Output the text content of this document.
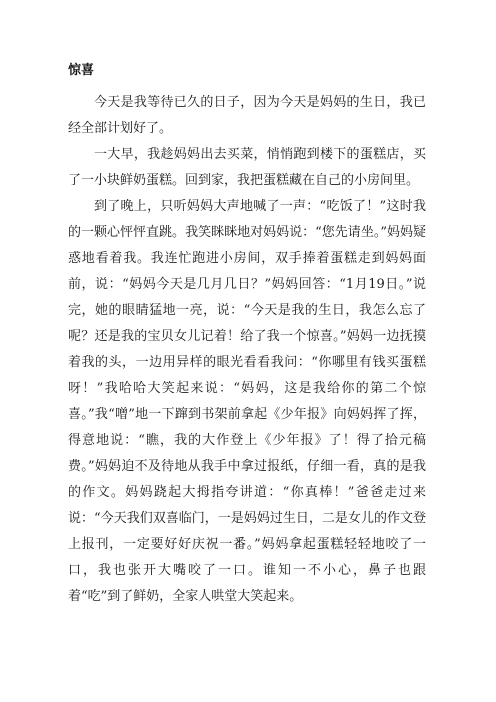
惊喜

今天是我等待已久的日子，因为今天是妈妈的生日，我已经全部计划好了。

一大早，我趁妈妈出去买菜，悄悄跑到楼下的蛋糕店，买了一小块鲜奶蛋糕。回到家，我把蛋糕藏在自己的小房间里。

到了晚上，只听妈妈大声地喊了一声：“吃饭了！”这时我的一颗心怦怦直跳。我笑眯眯地对妈妈说：“您先请坐。”妈妈疑惑地看着我。我连忙跑进小房间，双手捧着蛋糕走到妈妈面前，说：“妈妈今天是几月几日？”妈妈回答：“1月19日。”说完，她的眼睛猛地一亮，说：“今天是我的生日，我怎么忘了呢？还是我的宝贝女儿记着！给了我一个惊喜。”妈妈一边抚摸着我的头，一边用异样的眼光看看我问：“你哪里有钱买蛋糕呀！”我哈哈大笑起来说：“妈妈，这是我给你的第二个惊喜。”我“噌”地一下蹿到书架前拿起《少年报》向妈妈挥了挥，得意地说：“瞧，我的大作登上《少年报》了！得了拾元稿费。”妈妈迫不及待地从我手中拿过报纸，仔细一看，真的是我的作文。妈妈跷起大拇指夸讲道：“你真棒！”爸爸走过来说：“今天我们双喜临门，一是妈妈过生日，二是女儿的作文登上报刊，一定要好好庆祝一番。”妈妈拿起蛋糕轻轻地咬了一口，我也张开大嘴咬了一口。谁知一不小心，鼻子也跟着“吃”到了鲜奶，全家人哄堂大笑起来。
